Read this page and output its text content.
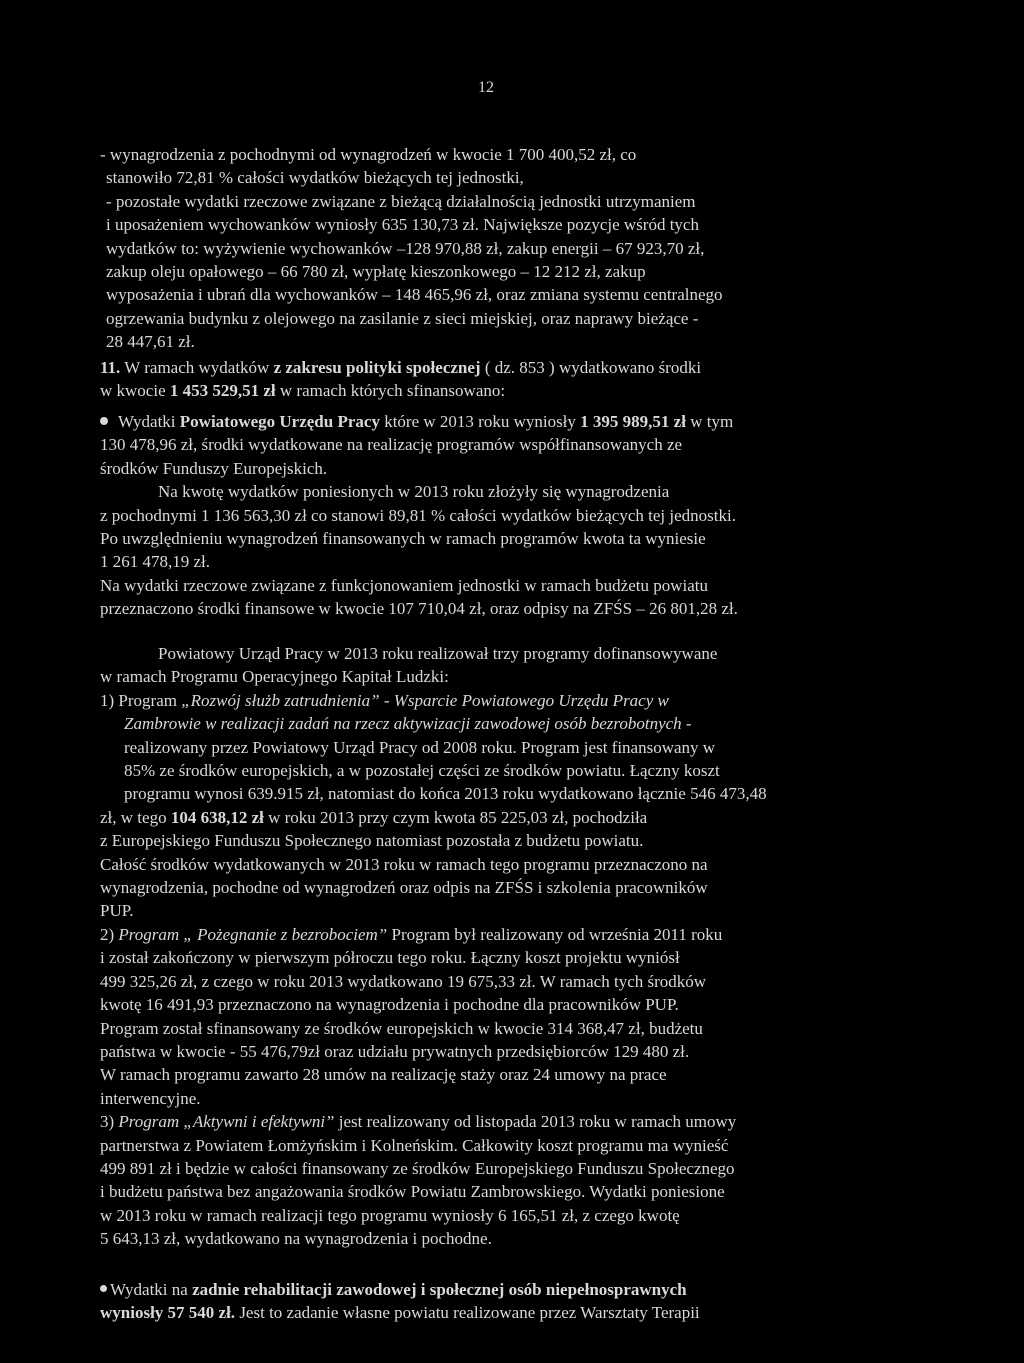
12
- wynagrodzenia z pochodnymi od wynagrodzeń w kwocie 1 700 400,52 zł, co
stanowiło 72,81 % całości wydatków bieżących tej jednostki,
- pozostałe wydatki rzeczowe związane z bieżącą działalnością jednostki utrzymaniem
i uposażeniem wychowanków wyniosły 635 130,73 zł. Największe pozycje wśród tych
wydatków to: wyżywienie wychowanków –128 970,88 zł, zakup energii – 67 923,70 zł,
zakup oleju opałowego – 66 780 zł, wypłatę kieszonkowego – 12 212 zł, zakup
wyposażenia i ubrań dla wychowanków – 148 465,96 zł, oraz zmiana systemu centralnego
ogrzewania budynku z olejowego na zasilanie z sieci miejskiej, oraz naprawy bieżące -
28 447,61 zł.
11. W ramach wydatków z zakresu polityki społecznej ( dz. 853 ) wydatkowano środki
w kwocie 1 453 529,51 zł w ramach których sfinansowano:
Wydatki Powiatowego Urzędu Pracy które w 2013 roku wyniosły 1 395 989,51 zł w tym
130 478,96 zł, środki wydatkowane na realizację programów współfinansowanych ze
środków Funduszy Europejskich.
Na kwotę wydatków poniesionych w 2013 roku złożyły się wynagrodzenia
z pochodnymi 1 136 563,30 zł co stanowi 89,81 % całości wydatków bieżących tej jednostki.
Po uwzględnieniu wynagrodzeń finansowanych w ramach programów kwota ta wyniesie
1 261 478,19 zł.
Na wydatki rzeczowe związane z funkcjonowaniem jednostki w ramach budżetu powiatu
przeznaczono środki finansowe w kwocie 107 710,04 zł, oraz odpisy na ZFŚS – 26 801,28 zł.
Powiatowy Urząd Pracy w 2013 roku realizował trzy programy dofinansowywane
w ramach Programu Operacyjnego Kapitał Ludzki:
1) Program „Rozwój służb zatrudnienia” - Wsparcie Powiatowego Urzędu Pracy w
Zambrowie w realizacji zadań na rzecz aktywizacji zawodowej osób bezrobotnych -
realizowany przez Powiatowy Urząd Pracy od 2008 roku. Program jest finansowany w
85% ze środków europejskich, a w pozostałej części ze środków powiatu. Łączny koszt
programu wynosi 639.915 zł, natomiast do końca 2013 roku wydatkowano łącznie 546 473,48
zł, w tego 104 638,12 zł w roku 2013 przy czym kwota 85 225,03 zł, pochodziła
z Europejskiego Funduszu Społecznego natomiast pozostała z budżetu powiatu.
Całość środków wydatkowanych w 2013 roku w ramach tego programu przeznaczono na
wynagrodzenia, pochodne od wynagrodzeń oraz odpis na ZFŚS i szkolenia pracowników
PUP.
2) Program „ Pożegnanie z bezrobociem” Program był realizowany od września 2011 roku
i został zakończony w pierwszym półroczu tego roku. Łączny koszt projektu wyniósł
499 325,26 zł, z czego w roku 2013 wydatkowano 19 675,33 zł. W ramach tych środków
kwotę 16 491,93 przeznaczono na wynagrodzenia i pochodne dla pracowników PUP.
Program został sfinansowany ze środków europejskich w kwocie 314 368,47 zł, budżetu
państwa w kwocie - 55 476,79zł oraz udziału prywatnych przedsiębiorców 129 480 zł.
W ramach programu zawarto 28 umów na realizację staży oraz 24 umowy na prace
interwencyjne.
3) Program „Aktywni i efektywni” jest realizowany od listopada 2013 roku w ramach umowy
partnerstwa z Powiatem Łomżyńskim i Kolneńskim. Całkowity koszt programu ma wynieść
499 891 zł i będzie w całości finansowany ze środków Europejskiego Funduszu Społecznego
i budżetu państwa bez angażowania środków Powiatu Zambrowskiego. Wydatki poniesione
w 2013 roku w ramach realizacji tego programu wyniosły 6 165,51 zł, z czego kwotę
5 643,13 zł, wydatkowano na wynagrodzenia i pochodne.
Wydatki na zadnie rehabilitacji zawodowej i społecznej osób niepełnosprawnych
wyniosły 57 540 zł. Jest to zadanie własne powiatu realizowane przez Warsztaty Terapii
